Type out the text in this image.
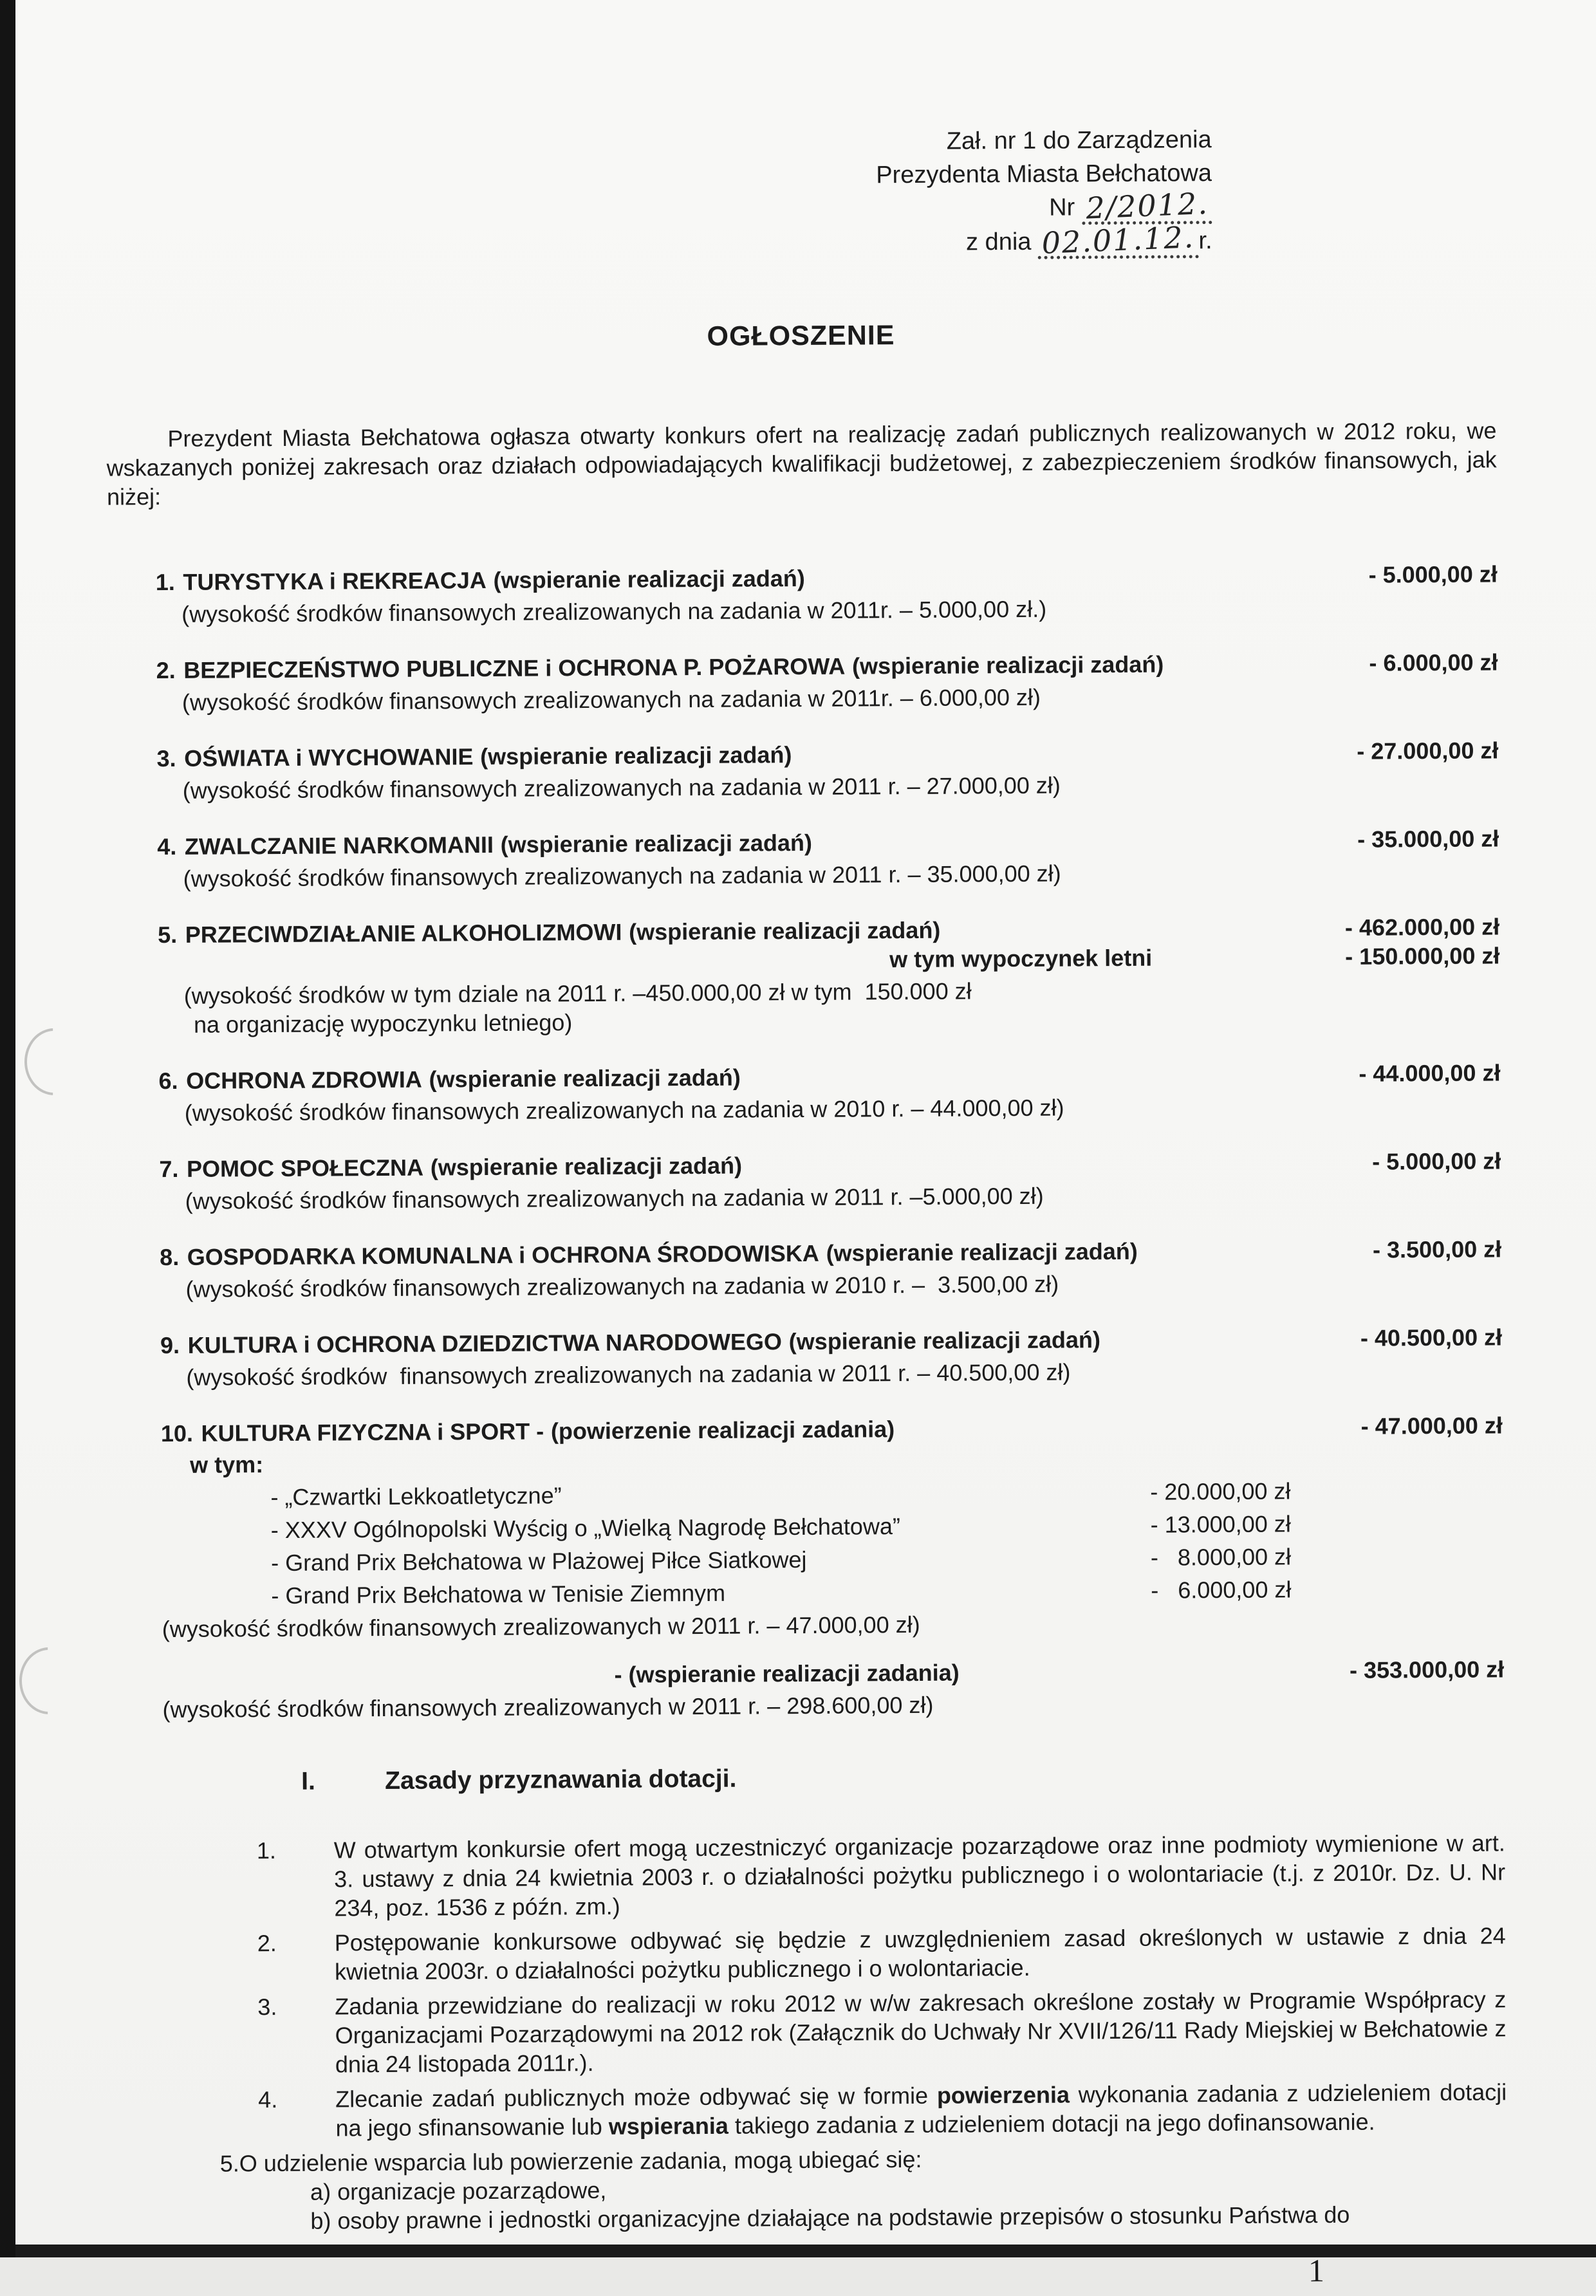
Zał. nr 1 do Zarządzenia
Prezydenta Miasta Bełchatowa
Nr 2/2012.
z dnia 02.01.12. r.
OGŁOSZENIE

Prezydent Miasta Bełchatowa ogłasza otwarty konkurs ofert na realizację zadań publicznych realizowanych w 2012 roku, we wskazanych poniżej zakresach oraz działach odpowiadających kwalifikacji budżetowej, z zabezpieczeniem środków finansowych, jak niżej:

1. TURYSTYKA i REKREACJA (wspieranie realizacji zadań)	- 5.000,00 zł
(wysokość środków finansowych zrealizowanych na zadania w 2011r. – 5.000,00 zł.)
2. BEZPIECZEŃSTWO PUBLICZNE i OCHRONA P. POŻAROWA (wspieranie realizacji zadań)	- 6.000,00 zł
(wysokość środków finansowych zrealizowanych na zadania w 2011r. – 6.000,00 zł)
3. OŚWIATA i WYCHOWANIE (wspieranie realizacji zadań)	- 27.000,00 zł
(wysokość środków finansowych zrealizowanych na zadania w 2011 r. – 27.000,00 zł)
4. ZWALCZANIE NARKOMANII (wspieranie realizacji zadań)	- 35.000,00 zł
(wysokość środków finansowych zrealizowanych na zadania w 2011 r. – 35.000,00 zł)
5. PRZECIWDZIAŁANIE ALKOHOLIZMOWI (wspieranie realizacji zadań)	- 462.000,00 zł
w tym wypoczynek letni	- 150.000,00 zł
(wysokość środków w tym dziale na 2011 r. –450.000,00 zł w tym  150.000 zł
na organizację wypoczynku letniego)
6. OCHRONA ZDROWIA (wspieranie realizacji zadań)	- 44.000,00 zł
(wysokość środków finansowych zrealizowanych na zadania w 2010 r. – 44.000,00 zł)
7. POMOC SPOŁECZNA (wspieranie realizacji zadań)	- 5.000,00 zł
(wysokość środków finansowych zrealizowanych na zadania w 2011 r. –5.000,00 zł)
8. GOSPODARKA KOMUNALNA i OCHRONA ŚRODOWISKA (wspieranie realizacji zadań)	- 3.500,00 zł
(wysokość środków finansowych zrealizowanych na zadania w 2010 r. –  3.500,00 zł)
9. KULTURA i OCHRONA DZIEDZICTWA NARODOWEGO (wspieranie realizacji zadań)	- 40.500,00 zł
(wysokość środków  finansowych zrealizowanych na zadania w 2011 r. – 40.500,00 zł)
10. KULTURA FIZYCZNA i SPORT - (powierzenie realizacji zadania)	- 47.000,00 zł
w tym:
- „Czwartki Lekkoatletyczne”	- 20.000,00 zł
- XXXV Ogólnopolski Wyścig o „Wielką Nagrodę Bełchatowa”	- 13.000,00 zł
- Grand Prix Bełchatowa w Plażowej Piłce Siatkowej	-   8.000,00 zł
- Grand Prix Bełchatowa w Tenisie Ziemnym	-   6.000,00 zł
(wysokość środków finansowych zrealizowanych w 2011 r. – 47.000,00 zł)
- (wspieranie realizacji zadania)	- 353.000,00 zł
(wysokość środków finansowych zrealizowanych w 2011 r. – 298.600,00 zł)
I.	Zasady przyznawania dotacji.
1.	W otwartym konkursie ofert mogą uczestniczyć organizacje pozarządowe oraz inne podmioty wymienione w art. 3. ustawy z dnia 24 kwietnia 2003 r. o działalności pożytku publicznego i o wolontariacie (t.j. z 2010r. Dz. U. Nr 234, poz. 1536 z późn. zm.)
2.	Postępowanie konkursowe odbywać się będzie z uwzględnieniem zasad określonych w ustawie z dnia 24 kwietnia 2003r. o działalności pożytku publicznego i o wolontariacie.
3.	Zadania przewidziane do realizacji w roku 2012 w w/w zakresach określone zostały w Programie Współpracy z Organizacjami Pozarządowymi na 2012 rok (Załącznik do Uchwały Nr XVII/126/11 Rady Miejskiej w Bełchatowie z dnia 24 listopada 2011r.).
4.	Zlecanie zadań publicznych może odbywać się w formie powierzenia wykonania zadania z udzieleniem dotacji na jego sfinansowanie lub wspierania takiego zadania z udzieleniem dotacji na jego dofinansowanie.
5.O udzielenie wsparcia lub powierzenie zadania, mogą ubiegać się:
a) organizacje pozarządowe,
b) osoby prawne i jednostki organizacyjne działające na podstawie przepisów o stosunku Państwa do
1
